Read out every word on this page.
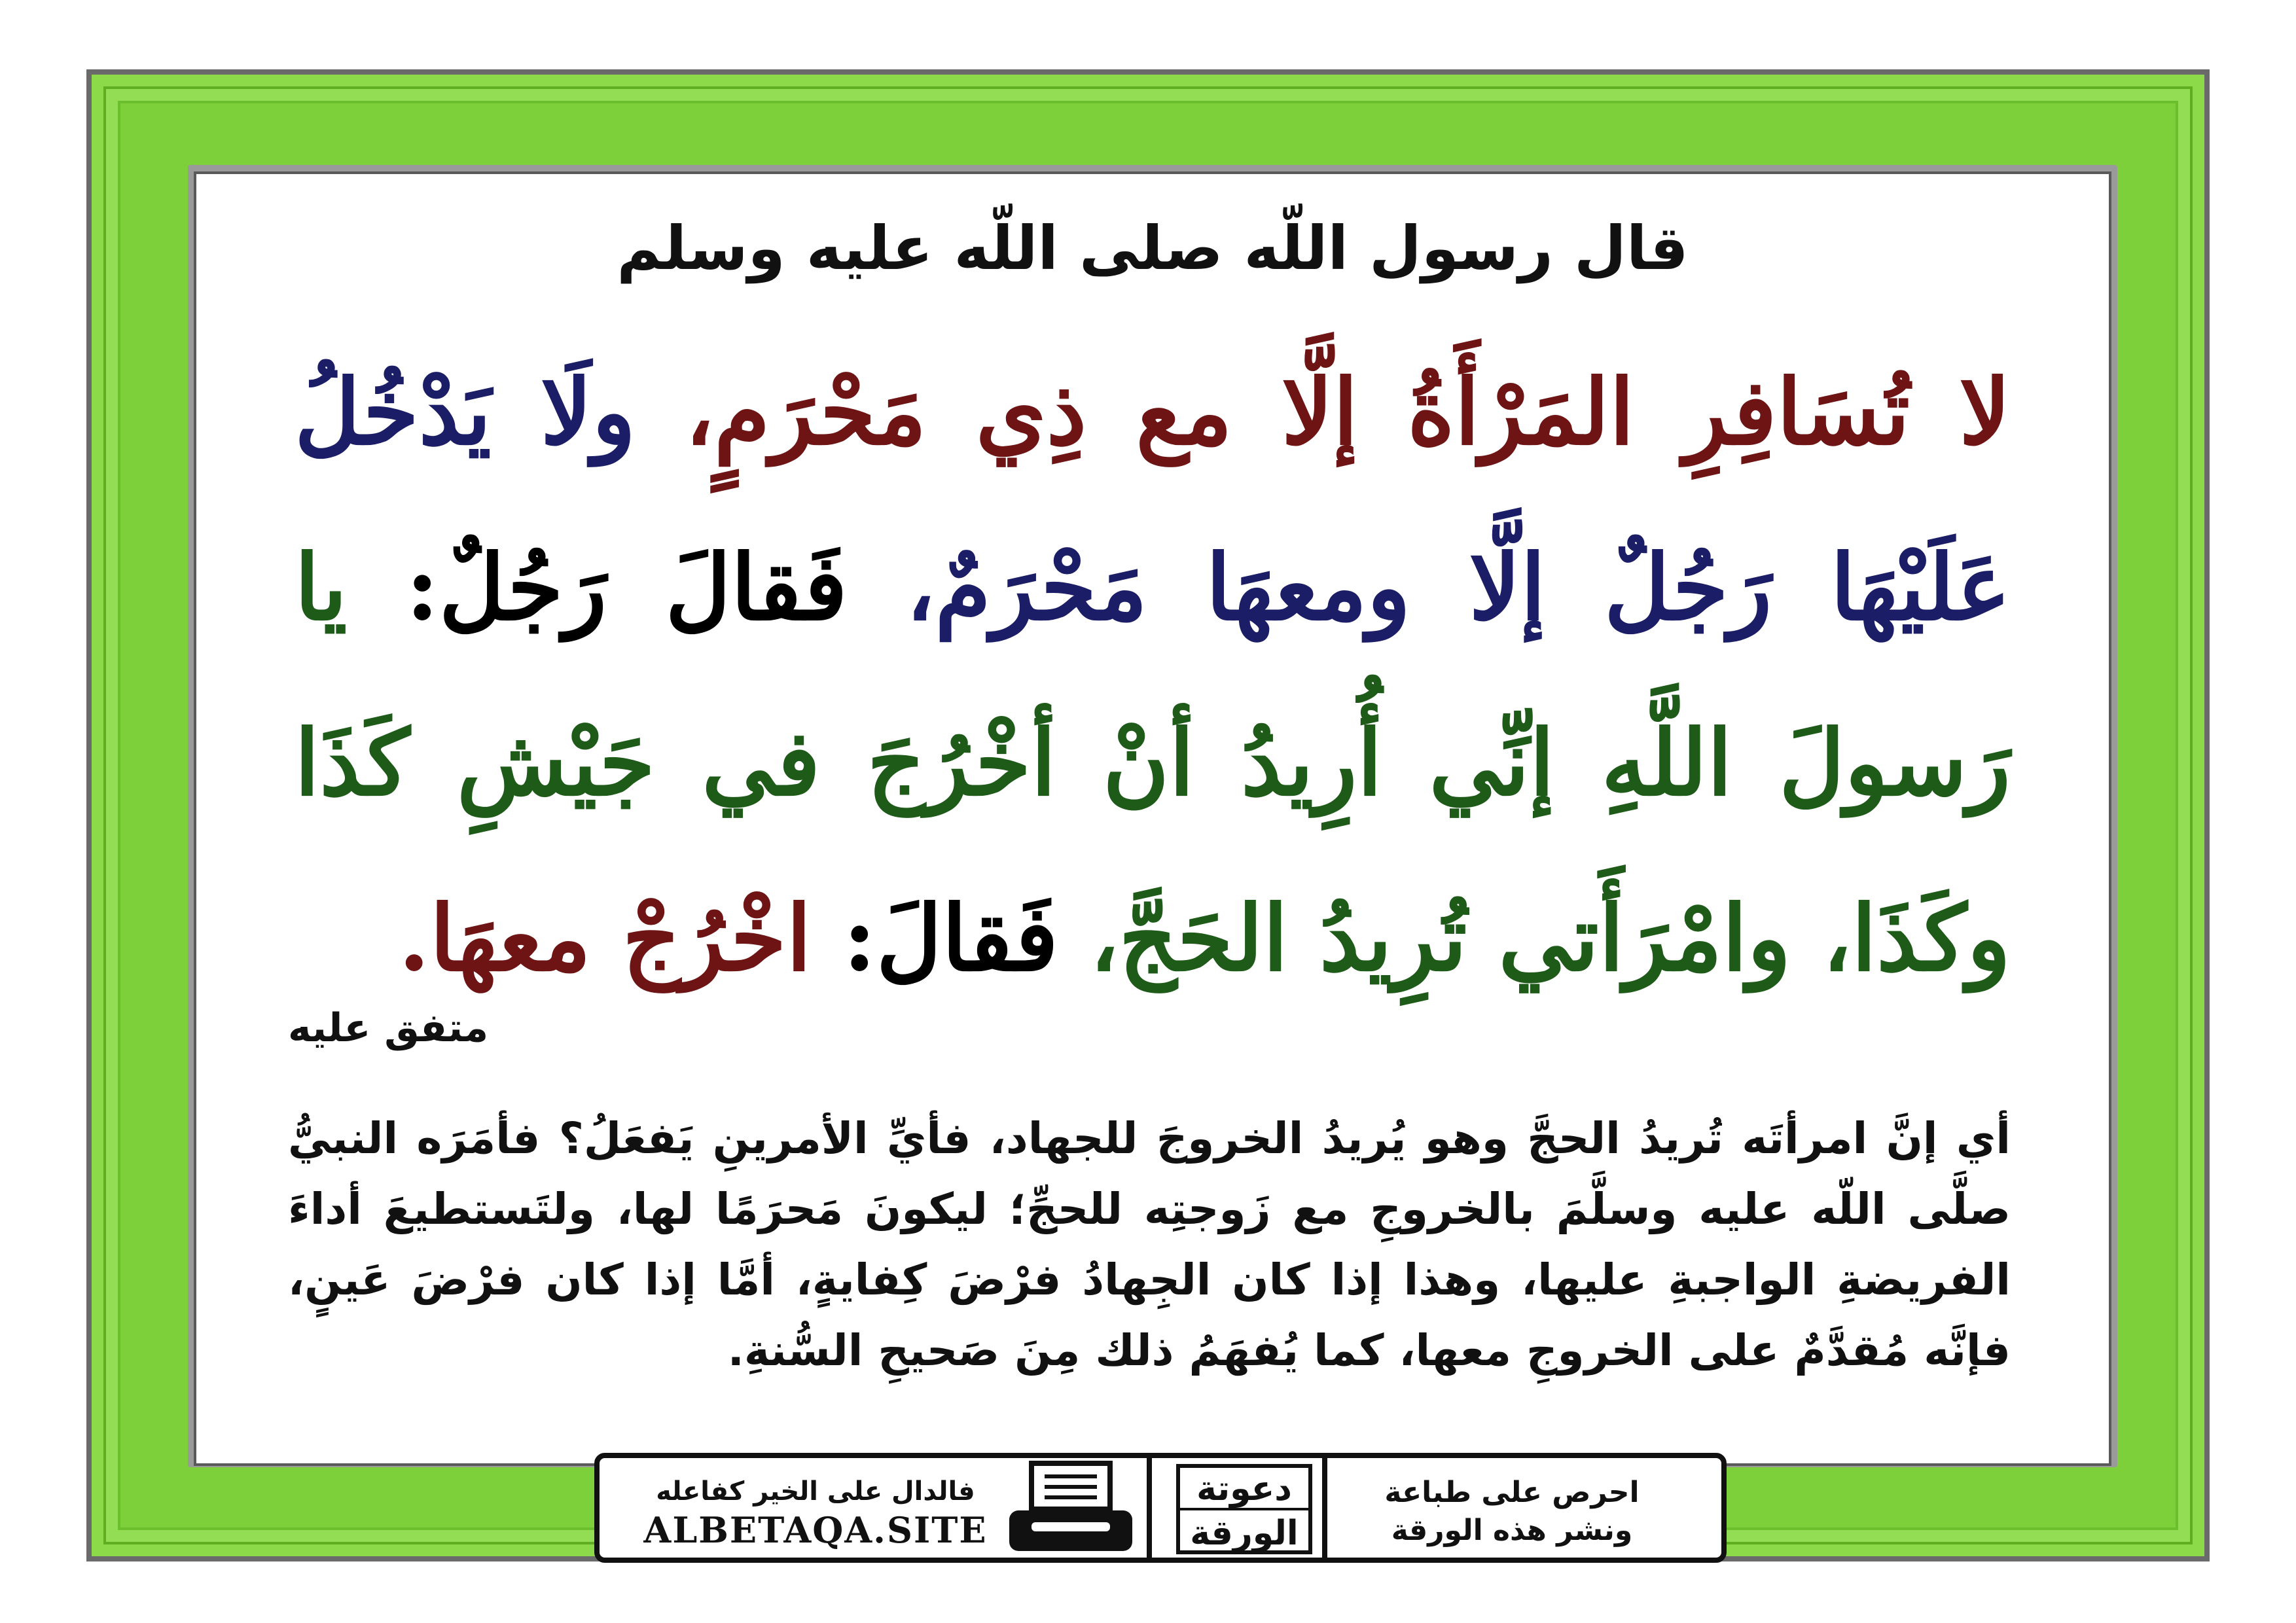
قال رسول اللّه صلى اللّه عليه وسلم
لا تُسَافِرِ المَرْأَةُ إلَّا مع ذِي مَحْرَمٍ، ولَا يَدْخُلُ عَلَيْهَا رَجُلٌ إلَّا ومعهَا مَحْرَمٌ، فَقالَ رَجُلٌ: يا رَسولَ اللَّهِ إنِّي أُرِيدُ أنْ أخْرُجَ في جَيْشِ كَذَا وكَذَا، وامْرَأَتي تُرِيدُ الحَجَّ، فَقالَ: اخْرُجْ معهَا.
متفق عليه
أي إنَّ امرأتَه تُريدُ الحجَّ وهو يُريدُ الخروجَ للجهاد، فأيِّ الأمرينِ يَفعَلُ؟ فأمَرَه النبيُّ صلَّى اللّه عليه وسلَّمَ بالخروجِ مع زَوجتِه للحجِّ؛ ليكونَ مَحرَمًا لها، ولتَستطيعَ أداءَ الفريضةِ الواجبةِ عليها، وهذا إذا كان الجِهادُ فرْضَ كِفايةٍ، أمَّا إذا كان فرْضَ عَينٍ، فإنَّه مُقدَّمٌ على الخروجِ معها، كما يُفهَمُ ذلك مِنَ صَحيحِ السُّنةِ.
فالدال على الخير كفاعله
ALBETAQA.SITE
دعوتة
الورقة
احرص على طباعة
ونشر هذه الورقة
